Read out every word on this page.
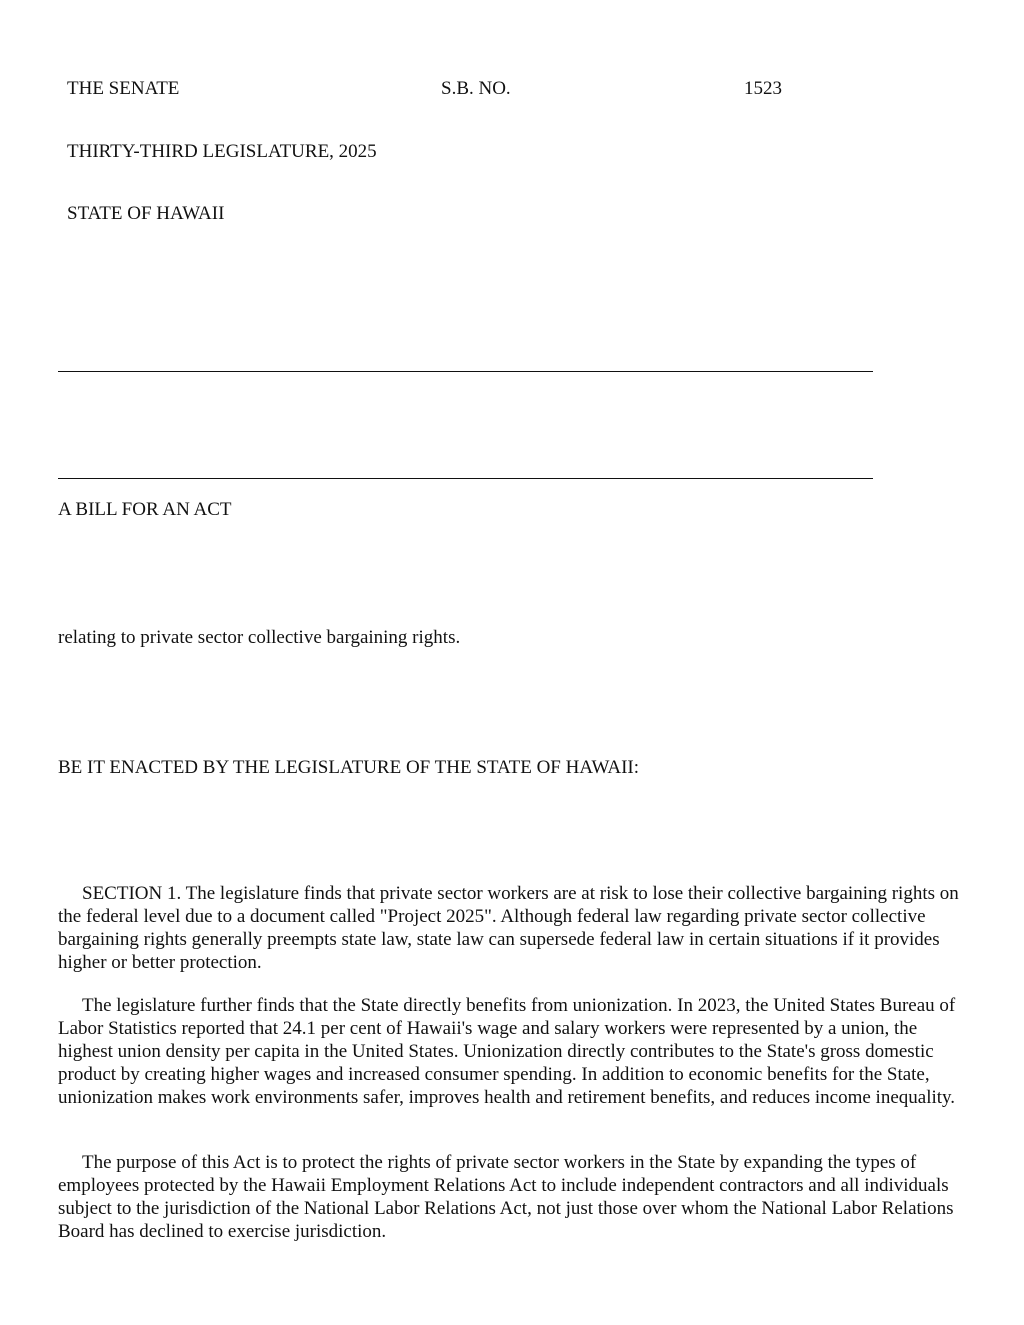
THE SENATE	S.B. NO.	1523

THIRTY-THIRD LEGISLATURE, 2025

STATE OF HAWAII

A BILL FOR AN ACT

relating to private sector collective bargaining rights.

BE IT ENACTED BY THE LEGISLATURE OF THE STATE OF HAWAII:

SECTION 1. The legislature finds that private sector workers are at risk to lose their collective bargaining rights on the federal level due to a document called "Project 2025". Although federal law regarding private sector collective bargaining rights generally preempts state law, state law can supersede federal law in certain situations if it provides higher or better protection.

The legislature further finds that the State directly benefits from unionization. In 2023, the United States Bureau of Labor Statistics reported that 24.1 per cent of Hawaii's wage and salary workers were represented by a union, the highest union density per capita in the United States. Unionization directly contributes to the State's gross domestic product by creating higher wages and increased consumer spending. In addition to economic benefits for the State, unionization makes work environments safer, improves health and retirement benefits, and reduces income inequality.

The purpose of this Act is to protect the rights of private sector workers in the State by expanding the types of employees protected by the Hawaii Employment Relations Act to include independent contractors and all individuals subject to the jurisdiction of the National Labor Relations Act, not just those over whom the National Labor Relations Board has declined to exercise jurisdiction.
